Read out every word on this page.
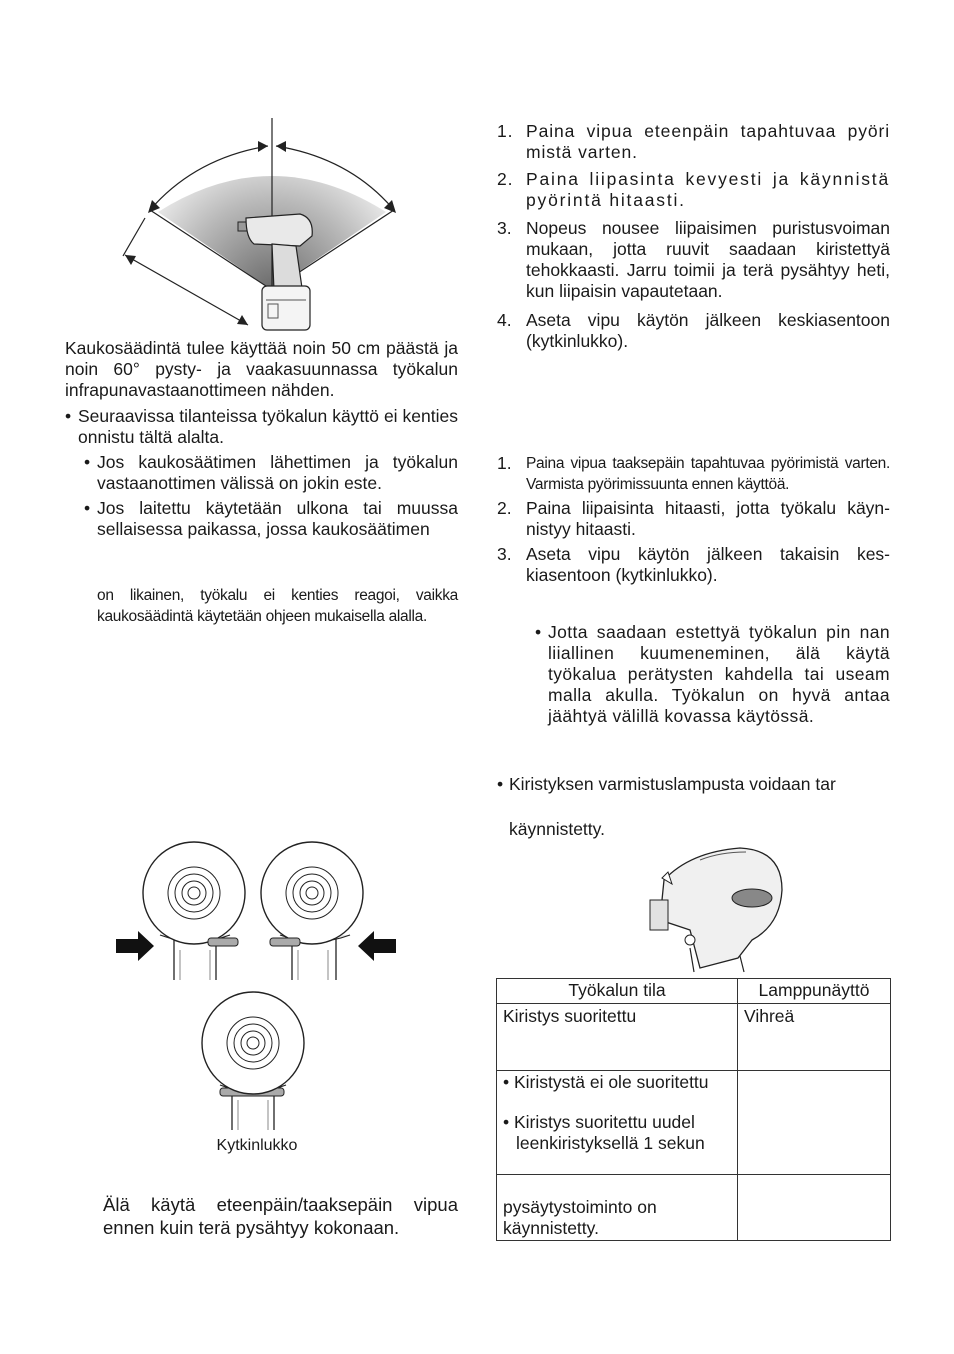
Kaukosäädintä tulee käyttää noin 50 cm päästä ja noin 60° pysty- ja vaakasuunnassa työkalun infrapunavastaanottimeen nähden.
• Seuraavissa tilanteissa työkalun käyttö ei kenties onnistu tältä alalta.
• Jos kaukosäätimen lähettimen ja työkalun vastaanottimen välissä on jokin este.
• Jos laitettu käytetään ulkona tai muussa sellaisessa paikassa, jossa kaukosäätimen
on likainen, työkalu ei kenties reagoi, vaikka kaukosäädintä käytetään ohjeen mukaisella alalla.
Kytkinlukko
Älä käytä eteenpäin/taaksepäin vipua ennen kuin terä pysähtyy kokonaan.
1. Paina vipua eteenpäin tapahtuvaa pyöri mistä varten.
2. Paina liipasinta kevyesti ja käynnistä pyörintä hitaasti.
3. Nopeus nousee liipaisimen puristusvoiman mukaan, jotta ruuvit saadaan kiristettyä tehokkaasti. Jarru toimii ja terä pysähtyy heti, kun liipaisin vapautetaan.
4. Aseta vipu käytön jälkeen keskiasentoon (kytkinlukko).
1. Paina vipua taaksepäin tapahtuvaa pyörimistä varten. Varmista pyörimissuunta ennen käyttöä.
2. Paina liipaisinta hitaasti, jotta työkalu käyn- nistyy hitaasti.
3. Aseta vipu käytön jälkeen takaisin kes- kiasentoon (kytkinlukko).
• Jotta saadaan estettyä työkalun pin nan liiallinen kuumeneminen, älä käytä työkalua perätysten kahdella tai useam malla akulla. Työkalun on hyvä antaa jäähtyä välillä kovassa käytössä.
• Kiristyksen varmistuslampusta voidaan tar
käynnistetty.
Työkalun tila	Lamppunäyttö
Kiristys suoritettu	Vihreä

• Kiristystä ei ole suoritettu
• Kiristys suoritettu uudel
leenkiristyksellä 1 sekun	

pysäytystoiminto on käynnistetty.	
